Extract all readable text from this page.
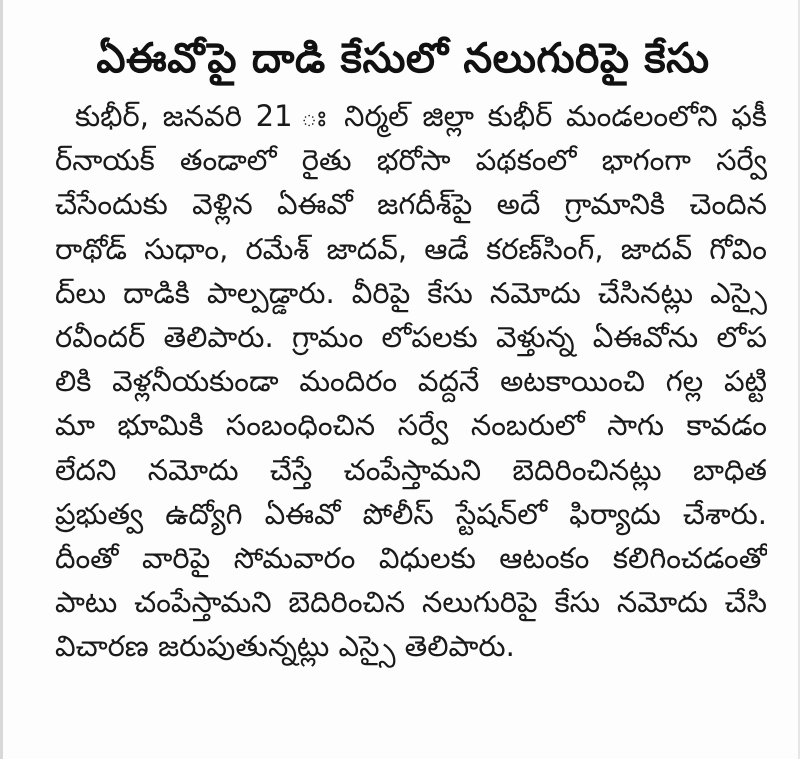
ఏఈవోపై దాడి కేసులో నలుగురిపై కేసు
కుభీర్, జనవరి 21 ః నిర్మల్ జిల్లా కుభీర్ మండలంలోని ఫకీ
ర్‌నాయక్ తండాలో రైతు భరోసా పథకంలో భాగంగా సర్వే
చేసేందుకు వెళ్లిన ఏఈవో జగదీశ్‌పై అదే గ్రామానికి చెందిన
రాథోడ్ సుధాం, రమేశ్ జాదవ్, ఆడే కరణ్‌సింగ్, జాదవ్ గోవిం
ద్‌లు దాడికి పాల్పడ్డారు. వీరిపై కేసు నమోదు చేసినట్లు ఎస్సై
రవీందర్ తెలిపారు. గ్రామం లోపలకు వెళ్తున్న ఏఈవోను లోప
లికి వెళ్లనీయకుండా మందిరం వద్దనే అటకాయించి గల్ల పట్టి
మా భూమికి సంబంధించిన సర్వే నంబరులో సాగు కావడం
లేదని నమోదు చేస్తే చంపేస్తామని బెదిరించినట్లు బాధిత
ప్రభుత్వ ఉద్యోగి ఏఈవో పోలీస్ స్టేషన్‌లో ఫిర్యాదు చేశారు.
దీంతో వారిపై సోమవారం విధులకు ఆటంకం కలిగించడంతో
పాటు చంపేస్తామని బెదిరించిన నలుగురిపై కేసు నమోదు చేసి
విచారణ జరుపుతున్నట్లు ఎస్సై తెలిపారు.
